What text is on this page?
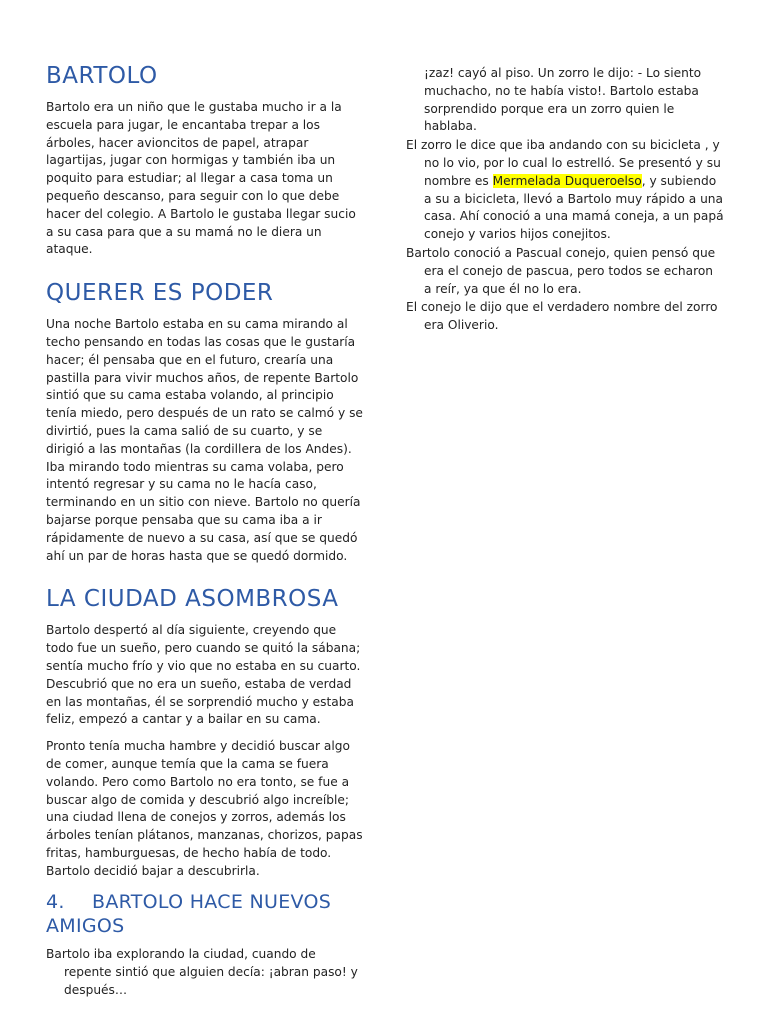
BARTOLO

Bartolo era un niño que le gustaba mucho ir a la escuela para jugar, le encantaba trepar a los árboles, hacer avioncitos de papel, atrapar lagartijas, jugar con hormigas y también iba un poquito para estudiar; al llegar a casa toma un pequeño descanso, para seguir con lo que debe hacer del colegio. A Bartolo le gustaba llegar sucio a su casa para que a su mamá no le diera un ataque.

QUERER ES PODER

Una noche Bartolo estaba en su cama mirando al techo pensando en todas las cosas que le gustaría hacer; él pensaba que en el futuro, crearía una pastilla para vivir muchos años, de repente Bartolo sintió que su cama estaba volando, al principio tenía miedo, pero después de un rato se calmó y se divirtió, pues la cama salió de su cuarto, y se dirigió a las montañas (la cordillera de los Andes). Iba mirando todo mientras su cama volaba, pero intentó regresar y su cama no le hacía caso, terminando en un sitio con nieve. Bartolo no quería bajarse porque pensaba que su cama iba a ir rápidamente de nuevo a su casa, así que se quedó ahí un par de horas hasta que se quedó dormido.

LA CIUDAD ASOMBROSA

Bartolo despertó al día siguiente, creyendo que todo fue un sueño, pero cuando se quitó la sábana; sentía mucho frío y vio que no estaba en su cuarto. Descubrió que no era un sueño, estaba de verdad en las montañas, él se sorprendió mucho y estaba feliz, empezó a cantar y a bailar en su cama.

Pronto tenía mucha hambre y decidió buscar algo de comer, aunque temía que la cama se fuera volando. Pero como Bartolo no era tonto, se fue a buscar algo de comida y descubrió algo increíble; una ciudad llena de conejos y zorros, además los árboles tenían plátanos, manzanas, chorizos, papas fritas, hamburguesas, de hecho había de todo. Bartolo decidió bajar a descubrirla.

4. BARTOLO HACE NUEVOS AMIGOS

Bartolo iba explorando la ciudad, cuando de repente sintió que alguien decía: ¡abran paso! y después…

¡zaz! cayó al piso. Un zorro le dijo: - Lo siento muchacho, no te había visto!. Bartolo estaba sorprendido porque era un zorro quien le hablaba.

El zorro le dice que iba andando con su bicicleta , y no lo vio, por lo cual lo estrelló. Se presentó y su nombre es Mermelada Duqueroelso, y subiendo a su a bicicleta, llevó a Bartolo muy rápido a una casa. Ahí conoció a una mamá coneja, a un papá conejo y varios hijos conejitos.

Bartolo conoció a Pascual conejo, quien pensó que era el conejo de pascua, pero todos se echaron a reír, ya que él no lo era.

El conejo le dijo que el verdadero nombre del zorro era Oliverio.
